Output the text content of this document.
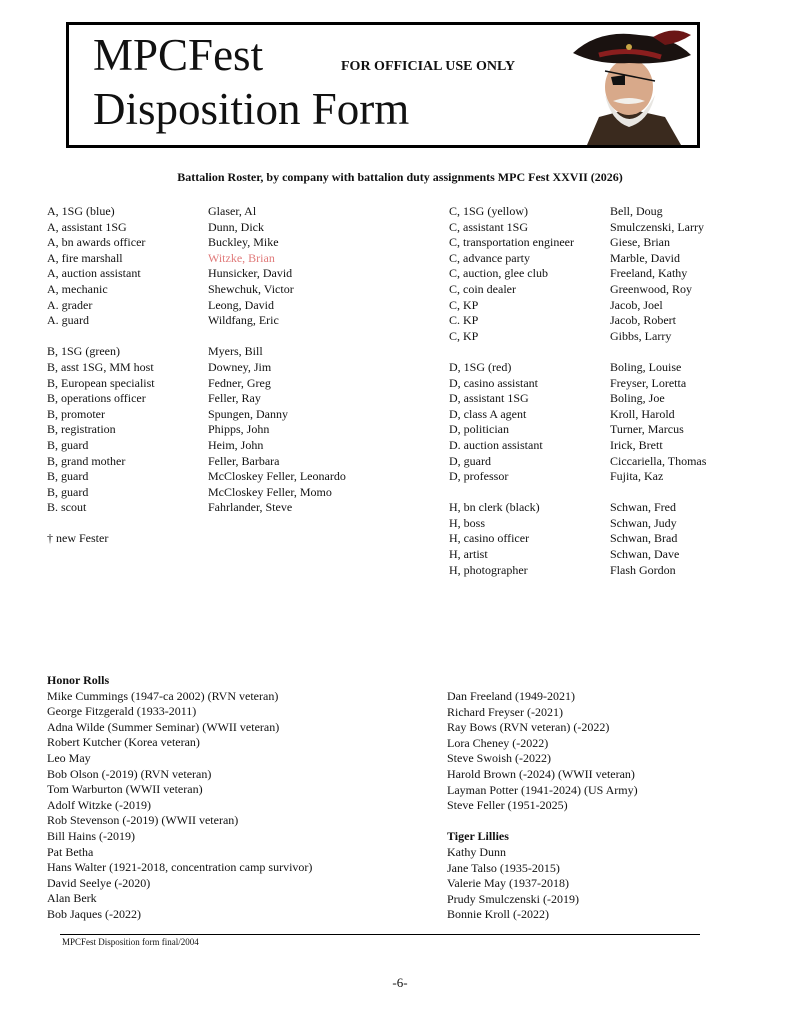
MPCFest
Disposition Form
FOR OFFICIAL USE ONLY
Battalion Roster, by company with battalion duty assignments MPC Fest XXVII (2026)
A, 1SG (blue)
A, assistant 1SG
A, bn awards officer
A, fire marshall
A, auction assistant
A, mechanic
A. grader
A. guard
B, 1SG (green)
B, asst 1SG, MM host
B, European specialist
B, operations officer
B, promoter
B, registration
B, guard
B, grand mother
B, guard
B, guard
B. scout
† new Fester
Glaser, Al
Dunn, Dick
Buckley, Mike
Witzke, Brian
Hunsicker, David
Shewchuk, Victor
Leong, David
Wildfang, Eric
Myers, Bill
Downey, Jim
Fedner, Greg
Feller, Ray
Spungen, Danny
Phipps, John
Heim, John
Feller, Barbara
McCloskey Feller, Leonardo
McCloskey Feller, Momo
Fahrlander, Steve
C, 1SG (yellow)
C, assistant 1SG
C, transportation engineer
C, advance party
C, auction, glee club
C, coin dealer
C, KP
C. KP
C, KP
D, 1SG (red)
D, casino assistant
D, assistant 1SG
D, class A agent
D, politician
D. auction assistant
D, guard
D, professor
H, bn clerk (black)
H, boss
H, casino officer
H, artist
H, photographer
Bell, Doug
Smulczenski, Larry
Giese, Brian
Marble, David
Freeland, Kathy
Greenwood, Roy
Jacob, Joel
Jacob, Robert
Gibbs, Larry
Boling, Louise
Freyser, Loretta
Boling, Joe
Kroll, Harold
Turner, Marcus
Irick, Brett
Ciccariella, Thomas
Fujita, Kaz
Schwan, Fred
Schwan, Judy
Schwan, Brad
Schwan, Dave
Flash Gordon
Honor Rolls
Mike Cummings (1947-ca 2002) (RVN veteran)
George Fitzgerald (1933-2011)
Adna Wilde (Summer Seminar) (WWII veteran)
Robert Kutcher (Korea veteran)
Leo May
Bob Olson (-2019) (RVN veteran)
Tom Warburton (WWII veteran)
Adolf Witzke (-2019)
Rob Stevenson (-2019) (WWII veteran)
Bill Hains (-2019)
Pat Betha
Hans Walter (1921-2018, concentration camp survivor)
David Seelye (-2020)
Alan Berk
Bob Jaques (-2022)
Dan Freeland (1949-2021)
Richard Freyser (-2021)
Ray Bows (RVN veteran) (-2022)
Lora Cheney (-2022)
Steve Swoish (-2022)
Harold Brown (-2024) (WWII veteran)
Layman Potter (1941-2024) (US Army)
Steve Feller (1951-2025)
Tiger Lillies
Kathy Dunn
Jane Talso (1935-2015)
Valerie May (1937-2018)
Prudy Smulczenski (-2019)
Bonnie Kroll (-2022)
MPCFest Disposition form final/2004
-6-
